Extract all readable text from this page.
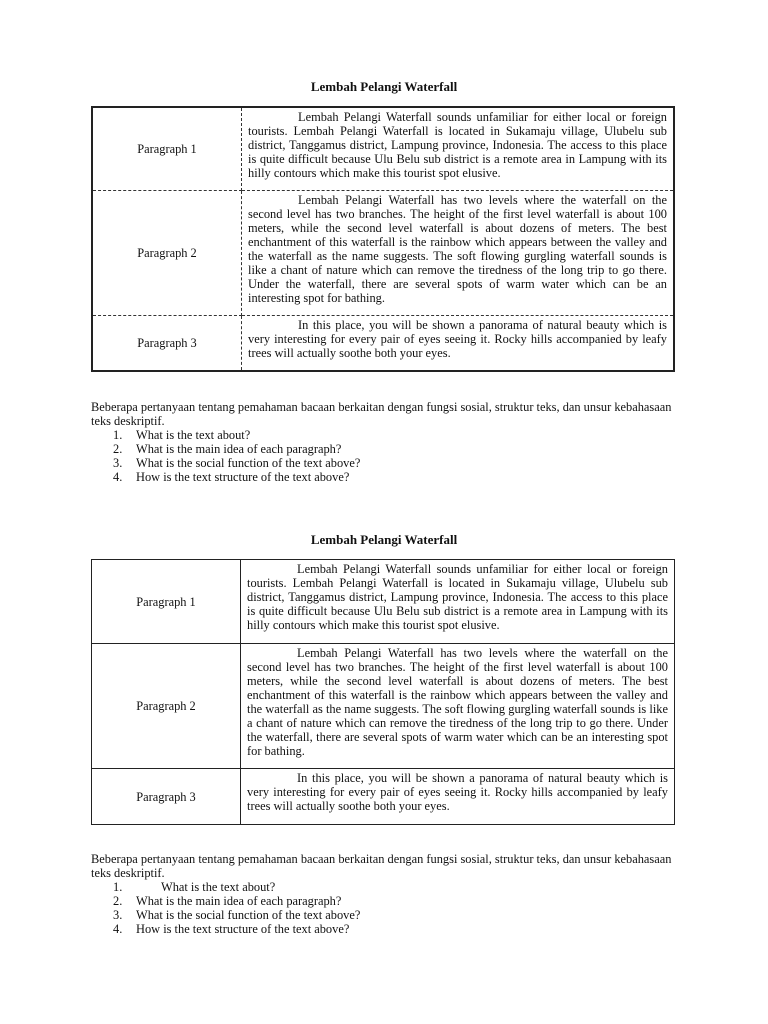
Lembah Pelangi Waterfall
Paragraph 1	Lembah Pelangi Waterfall sounds unfamiliar for either local or foreign tourists. Lembah Pelangi Waterfall is located in Sukamaju village, Ulubelu sub district, Tanggamus district, Lampung province, Indonesia. The access to this place is quite difficult because Ulu Belu sub district is a remote area in Lampung with its hilly contours which make this tourist spot elusive.
Paragraph 2	Lembah Pelangi Waterfall has two levels where the waterfall on the second level has two branches. The height of the first level waterfall is about 100 meters, while the second level waterfall is about dozens of meters. The best enchantment of this waterfall is the rainbow which appears between the valley and the waterfall as the name suggests. The soft flowing gurgling waterfall sounds is like a chant of nature which can remove the tiredness of the long trip to go there. Under the waterfall, there are several spots of warm water which can be an interesting spot for bathing.
Paragraph 3	In this place, you will be shown a panorama of natural beauty which is very interesting for every pair of eyes seeing it. Rocky hills accompanied by leafy trees will actually soothe both your eyes.
Beberapa pertanyaan tentang pemahaman bacaan berkaitan dengan fungsi sosial, struktur teks, dan unsur kebahasaan teks deskriptif.
1. What is the text about?
2. What is the main idea of each paragraph?
3. What is the social function of the text above?
4. How is the text structure of the text above?
Lembah Pelangi Waterfall
Paragraph 1	Lembah Pelangi Waterfall sounds unfamiliar for either local or foreign tourists. Lembah Pelangi Waterfall is located in Sukamaju village, Ulubelu sub district, Tanggamus district, Lampung province, Indonesia. The access to this place is quite difficult because Ulu Belu sub district is a remote area in Lampung with its hilly contours which make this tourist spot elusive.
Paragraph 2	Lembah Pelangi Waterfall has two levels where the waterfall on the second level has two branches. The height of the first level waterfall is about 100 meters, while the second level waterfall is about dozens of meters. The best enchantment of this waterfall is the rainbow which appears between the valley and the waterfall as the name suggests. The soft flowing gurgling waterfall sounds is like a chant of nature which can remove the tiredness of the long trip to go there. Under the waterfall, there are several spots of warm water which can be an interesting spot for bathing.
Paragraph 3	In this place, you will be shown a panorama of natural beauty which is very interesting for every pair of eyes seeing it. Rocky hills accompanied by leafy trees will actually soothe both your eyes.
Beberapa pertanyaan tentang pemahaman bacaan berkaitan dengan fungsi sosial, struktur teks, dan unsur kebahasaan teks deskriptif.
1.	What is the text about?
2. What is the main idea of each paragraph?
3. What is the social function of the text above?
4. How is the text structure of the text above?
